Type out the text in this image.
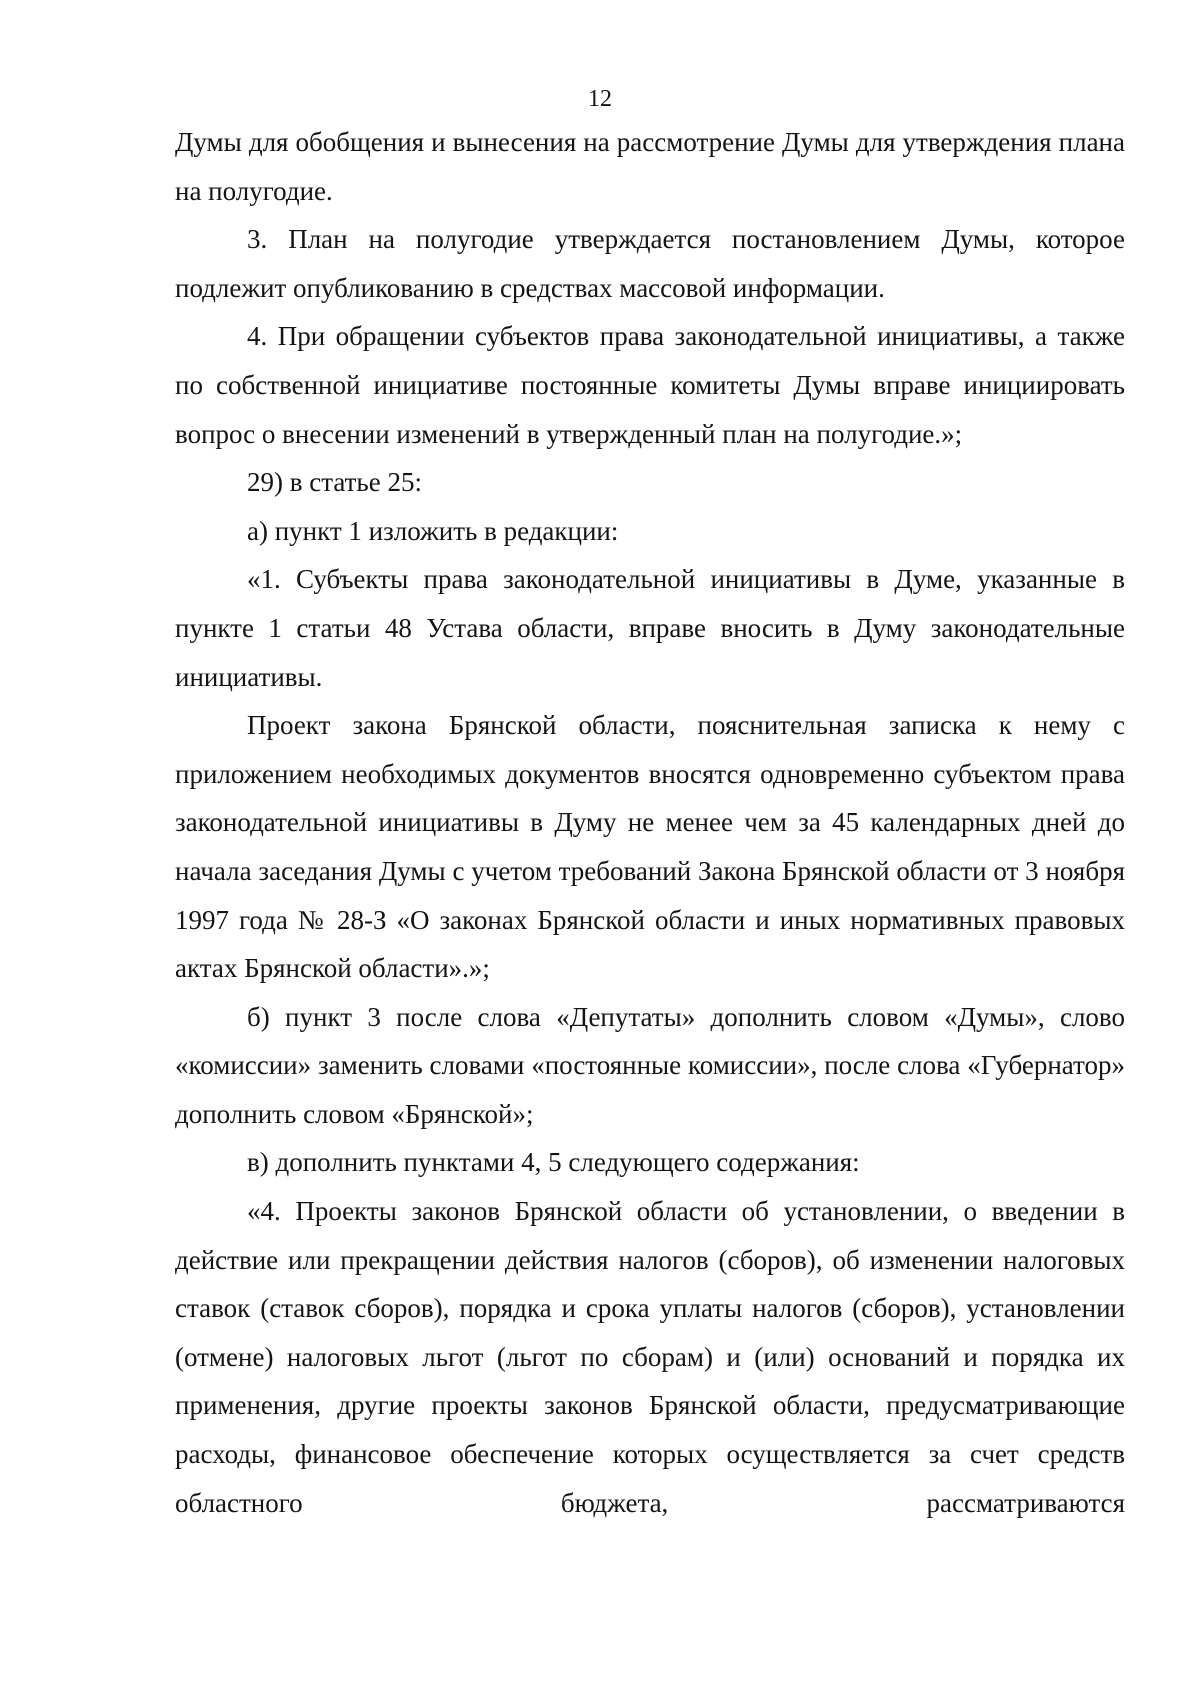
12

Думы для обобщения и вынесения на рассмотрение Думы для утверждения плана на полугодие.

3. План на полугодие утверждается постановлением Думы, которое подлежит опубликованию в средствах массовой информации.

4. При обращении субъектов права законодательной инициативы, а также по собственной инициативе постоянные комитеты Думы вправе инициировать вопрос о внесении изменений в утвержденный план на полугодие.»;

29) в статье 25:

а) пункт 1 изложить в редакции:

«1. Субъекты права законодательной инициативы в Думе, указанные в пункте 1 статьи 48 Устава области, вправе вносить в Думу законодательные инициативы.

Проект закона Брянской области, пояснительная записка к нему с приложением необходимых документов вносятся одновременно субъектом права законодательной инициативы в Думу не менее чем за 45 календарных дней до начала заседания Думы с учетом требований Закона Брянской области от 3 ноября 1997 года № 28-З «О законах Брянской области и иных нормативных правовых актах Брянской области».»;

б) пункт 3 после слова «Депутаты» дополнить словом «Думы», слово «комиссии» заменить словами «постоянные комиссии», после слова «Губернатор» дополнить словом «Брянской»;

в) дополнить пунктами 4, 5 следующего содержания:

«4. Проекты законов Брянской области об установлении, о введении в действие или прекращении действия налогов (сборов), об изменении налоговых ставок (ставок сборов), порядка и срока уплаты налогов (сборов), установлении (отмене) налоговых льгот (льгот по сборам) и (или) оснований и порядка их применения, другие проекты законов Брянской области, предусматривающие расходы, финансовое обеспечение которых осуществляется за счет средств областного бюджета, рассматриваются
